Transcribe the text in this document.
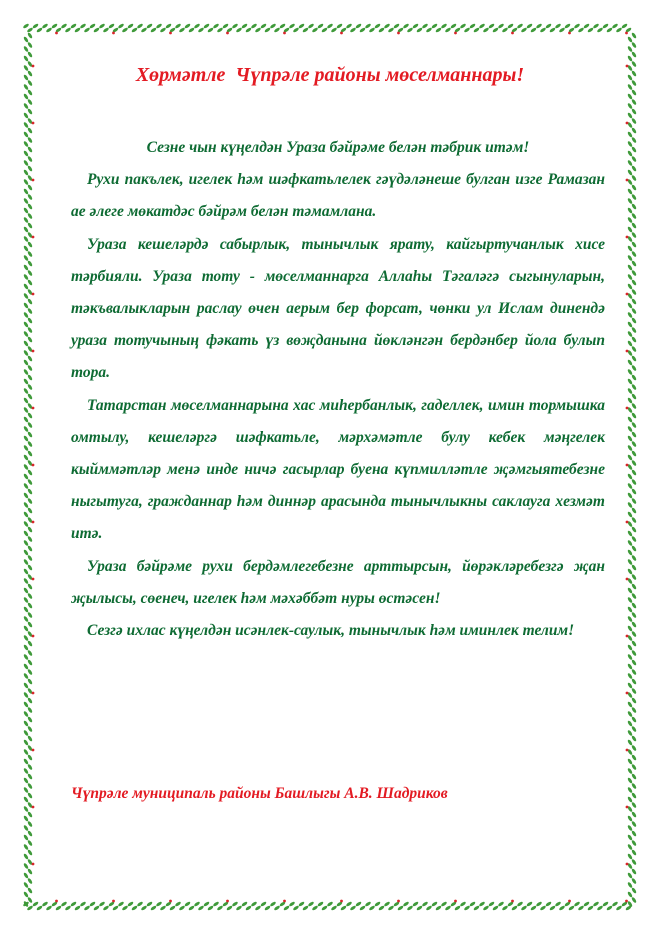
Хөрмәтле  Чүпрәле районы мөселманнары!

Сезне чын күңелдән Ураза бәйрәме белән тәбрик итәм!

Рухи пакълек, игелек һәм шәфкатьлелек гәүдәләнеше булган изге Рамазан ае әлеге мөкатдәс бәйрәм белән тәмамлана.

Ураза кешеләрдә сабырлык, тынычлык ярату, кайгыртучанлык хисе тәрбияли. Ураза тоту - мөселманнарга Аллаһы Тәгаләгә сыгынуларын, тәкъвалыкларын раслау өчен аерым бер форсат, чөнки ул Ислам динендә ураза тотучының фәкать үз вөҗданына йөкләнгән бердәнбер йола булып тора.

Татарстан мөселманнарына хас миһербанлык, гаделлек, имин тормышка омтылу, кешеләргә шәфкатьле, мәрхәмәтле булу кебек мәңгелек кыйммәтләр менә инде ничә гасырлар буена күпмилләтле җәмгыятебезне ныгытуга, гражданнар һәм диннәр арасында тынычлыкны саклауга хезмәт итә.

Ураза бәйрәме рухи бердәмлегебезне арттырсын, йөрәкләребезгә җан җылысы, сөенеч, игелек һәм мәхәббәт нуры өстәсен!

Сезгә ихлас күңелдән исәнлек-саулык, тынычлык һәм иминлек телим!

Чүпрәле муниципаль районы Башлыгы А.В. Шадриков
